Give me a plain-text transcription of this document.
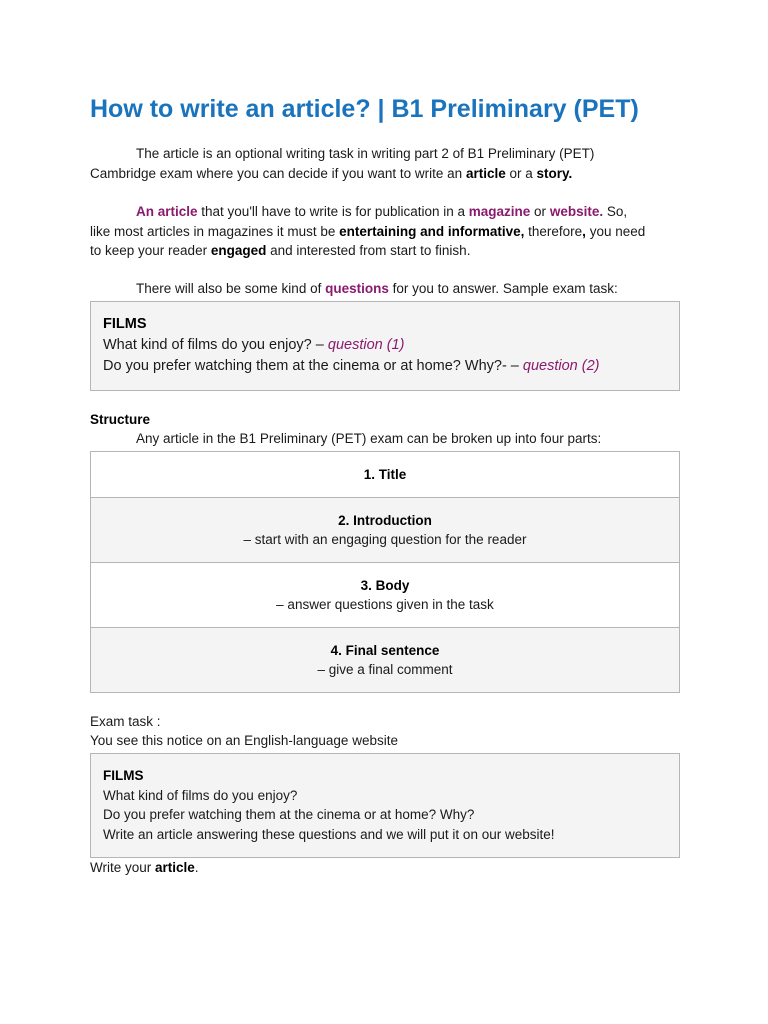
How to write an article? | B1 Preliminary (PET)
The article is an optional writing task in writing part 2 of B1 Preliminary (PET)
Cambridge exam where you can decide if you want to write an article or a story.
An article that you'll have to write is for publication in a magazine or website. So,
like most articles in magazines it must be entertaining and informative, therefore, you need
to keep your reader engaged and interested from start to finish.
There will also be some kind of questions for you to answer. Sample exam task:
FILMS
What kind of films do you enjoy? – question (1)
Do you prefer watching them at the cinema or at home? Why?- – question (2)
Structure
Any article in the B1 Preliminary (PET) exam can be broken up into four parts:
1. Title
2. Introduction
– start with an engaging question for the reader
3. Body
– answer questions given in the task
4. Final sentence
– give a final comment
Exam task :
You see this notice on an English-language website
FILMS
What kind of films do you enjoy?
Do you prefer watching them at the cinema or at home? Why?
Write an article answering these questions and we will put it on our website!
Write your article.
